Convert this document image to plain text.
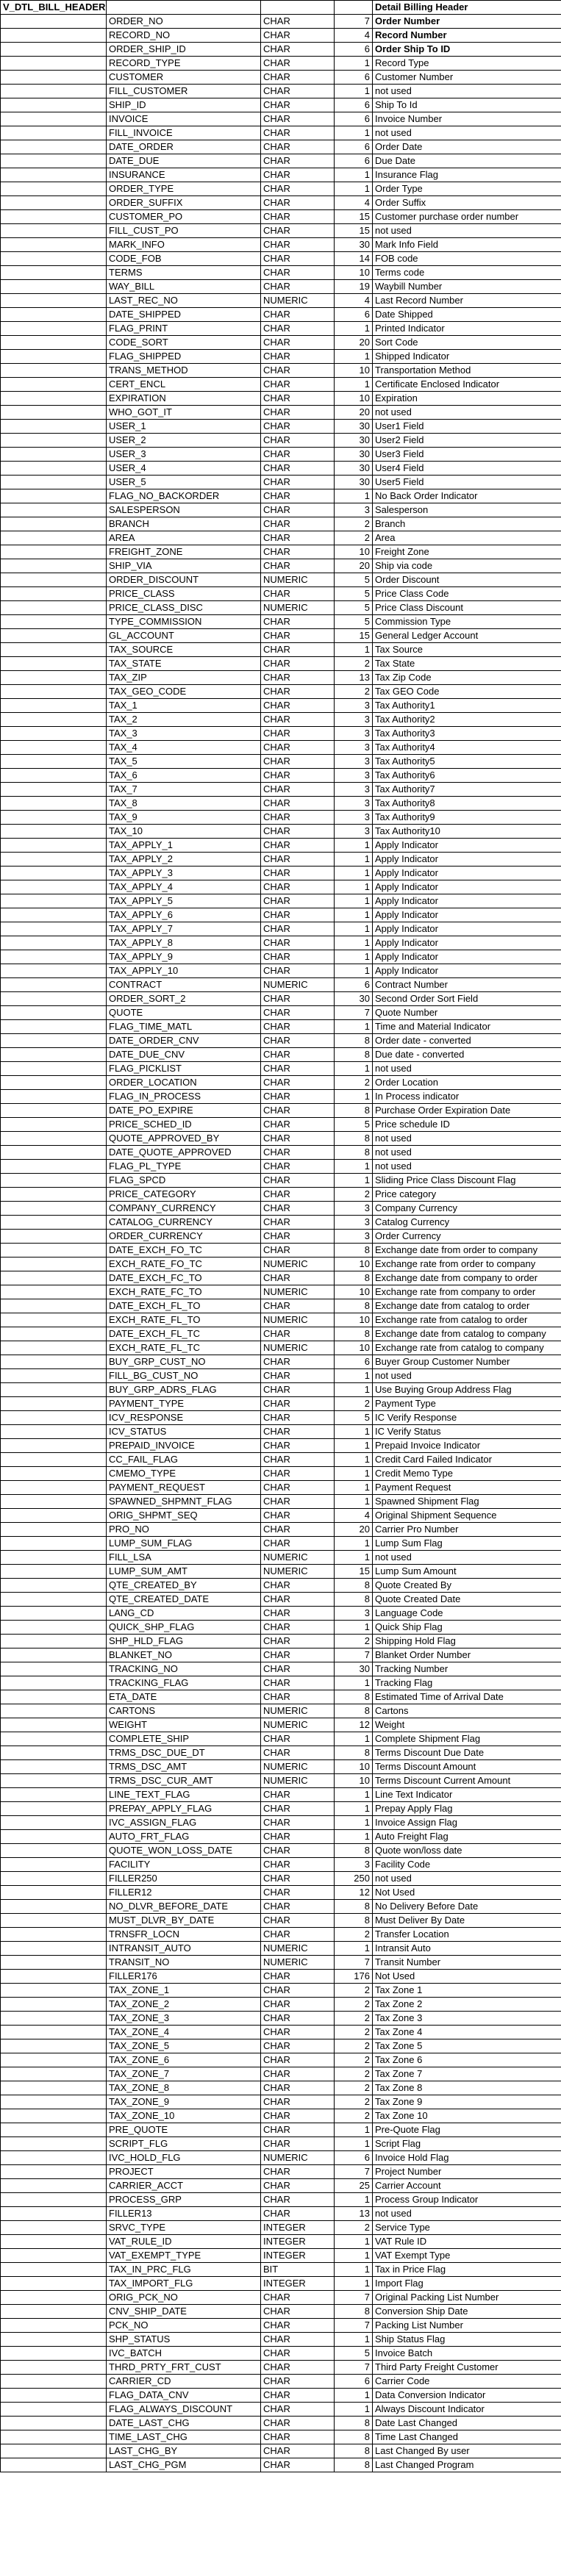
V_DTL_BILL_HEADER				Detail Billing Header
	ORDER_NO	CHAR	7	Order Number
	RECORD_NO	CHAR	4	Record Number
	ORDER_SHIP_ID	CHAR	6	Order Ship To ID
	RECORD_TYPE	CHAR	1	Record Type
	CUSTOMER	CHAR	6	Customer Number
	FILL_CUSTOMER	CHAR	1	not used
	SHIP_ID	CHAR	6	Ship To Id
	INVOICE	CHAR	6	Invoice Number
	FILL_INVOICE	CHAR	1	not used
	DATE_ORDER	CHAR	6	Order Date
	DATE_DUE	CHAR	6	Due Date
	INSURANCE	CHAR	1	Insurance Flag
	ORDER_TYPE	CHAR	1	Order Type
	ORDER_SUFFIX	CHAR	4	Order Suffix
	CUSTOMER_PO	CHAR	15	Customer purchase order number
	FILL_CUST_PO	CHAR	15	not used
	MARK_INFO	CHAR	30	Mark Info Field
	CODE_FOB	CHAR	14	FOB code
	TERMS	CHAR	10	Terms code
	WAY_BILL	CHAR	19	Waybill Number
	LAST_REC_NO	NUMERIC	4	Last Record Number
	DATE_SHIPPED	CHAR	6	Date Shipped
	FLAG_PRINT	CHAR	1	Printed Indicator
	CODE_SORT	CHAR	20	Sort Code
	FLAG_SHIPPED	CHAR	1	Shipped Indicator
	TRANS_METHOD	CHAR	10	Transportation Method
	CERT_ENCL	CHAR	1	Certificate Enclosed Indicator
	EXPIRATION	CHAR	10	Expiration
	WHO_GOT_IT	CHAR	20	not used
	USER_1	CHAR	30	User1 Field
	USER_2	CHAR	30	User2 Field
	USER_3	CHAR	30	User3 Field
	USER_4	CHAR	30	User4 Field
	USER_5	CHAR	30	User5 Field
	FLAG_NO_BACKORDER	CHAR	1	No Back Order Indicator
	SALESPERSON	CHAR	3	Salesperson
	BRANCH	CHAR	2	Branch
	AREA	CHAR	2	Area
	FREIGHT_ZONE	CHAR	10	Freight Zone
	SHIP_VIA	CHAR	20	Ship via code
	ORDER_DISCOUNT	NUMERIC	5	Order Discount
	PRICE_CLASS	CHAR	5	Price Class Code
	PRICE_CLASS_DISC	NUMERIC	5	Price Class Discount
	TYPE_COMMISSION	CHAR	5	Commission Type
	GL_ACCOUNT	CHAR	15	General Ledger Account
	TAX_SOURCE	CHAR	1	Tax Source
	TAX_STATE	CHAR	2	Tax State
	TAX_ZIP	CHAR	13	Tax Zip Code
	TAX_GEO_CODE	CHAR	2	Tax GEO Code
	TAX_1	CHAR	3	Tax Authority1
	TAX_2	CHAR	3	Tax Authority2
	TAX_3	CHAR	3	Tax Authority3
	TAX_4	CHAR	3	Tax Authority4
	TAX_5	CHAR	3	Tax Authority5
	TAX_6	CHAR	3	Tax Authority6
	TAX_7	CHAR	3	Tax Authority7
	TAX_8	CHAR	3	Tax Authority8
	TAX_9	CHAR	3	Tax Authority9
	TAX_10	CHAR	3	Tax Authority10
	TAX_APPLY_1	CHAR	1	Apply Indicator
	TAX_APPLY_2	CHAR	1	Apply Indicator
	TAX_APPLY_3	CHAR	1	Apply Indicator
	TAX_APPLY_4	CHAR	1	Apply Indicator
	TAX_APPLY_5	CHAR	1	Apply Indicator
	TAX_APPLY_6	CHAR	1	Apply Indicator
	TAX_APPLY_7	CHAR	1	Apply Indicator
	TAX_APPLY_8	CHAR	1	Apply Indicator
	TAX_APPLY_9	CHAR	1	Apply Indicator
	TAX_APPLY_10	CHAR	1	Apply Indicator
	CONTRACT	NUMERIC	6	Contract Number
	ORDER_SORT_2	CHAR	30	Second Order Sort Field
	QUOTE	CHAR	7	Quote Number
	FLAG_TIME_MATL	CHAR	1	Time and Material Indicator
	DATE_ORDER_CNV	CHAR	8	Order date - converted
	DATE_DUE_CNV	CHAR	8	Due date - converted
	FLAG_PICKLIST	CHAR	1	not used
	ORDER_LOCATION	CHAR	2	Order Location
	FLAG_IN_PROCESS	CHAR	1	In Process indicator
	DATE_PO_EXPIRE	CHAR	8	Purchase Order Expiration Date
	PRICE_SCHED_ID	CHAR	5	Price schedule ID
	QUOTE_APPROVED_BY	CHAR	8	not used
	DATE_QUOTE_APPROVED	CHAR	8	not used
	FLAG_PL_TYPE	CHAR	1	not used
	FLAG_SPCD	CHAR	1	Sliding Price Class Discount Flag
	PRICE_CATEGORY	CHAR	2	Price category
	COMPANY_CURRENCY	CHAR	3	Company Currency
	CATALOG_CURRENCY	CHAR	3	Catalog Currency
	ORDER_CURRENCY	CHAR	3	Order Currency
	DATE_EXCH_FO_TC	CHAR	8	Exchange date from order to company
	EXCH_RATE_FO_TC	NUMERIC	10	Exchange rate from order to company
	DATE_EXCH_FC_TO	CHAR	8	Exchange date from company to order
	EXCH_RATE_FC_TO	NUMERIC	10	Exchange rate from company to order
	DATE_EXCH_FL_TO	CHAR	8	Exchange date from catalog to order
	EXCH_RATE_FL_TO	NUMERIC	10	Exchange rate from catalog to order
	DATE_EXCH_FL_TC	CHAR	8	Exchange date from catalog to company
	EXCH_RATE_FL_TC	NUMERIC	10	Exchange rate from catalog to company
	BUY_GRP_CUST_NO	CHAR	6	Buyer Group Customer Number
	FILL_BG_CUST_NO	CHAR	1	not used
	BUY_GRP_ADRS_FLAG	CHAR	1	Use Buying Group Address Flag
	PAYMENT_TYPE	CHAR	2	Payment Type
	ICV_RESPONSE	CHAR	5	IC Verify Response
	ICV_STATUS	CHAR	1	IC Verify Status
	PREPAID_INVOICE	CHAR	1	Prepaid Invoice Indicator
	CC_FAIL_FLAG	CHAR	1	Credit Card Failed Indicator
	CMEMO_TYPE	CHAR	1	Credit Memo Type
	PAYMENT_REQUEST	CHAR	1	Payment Request
	SPAWNED_SHPMNT_FLAG	CHAR	1	Spawned Shipment Flag
	ORIG_SHPMT_SEQ	CHAR	4	Original Shipment Sequence
	PRO_NO	CHAR	20	Carrier Pro Number
	LUMP_SUM_FLAG	CHAR	1	Lump Sum Flag
	FILL_LSA	NUMERIC	1	not used
	LUMP_SUM_AMT	NUMERIC	15	Lump Sum Amount
	QTE_CREATED_BY	CHAR	8	Quote Created By
	QTE_CREATED_DATE	CHAR	8	Quote Created Date
	LANG_CD	CHAR	3	Language Code
	QUICK_SHP_FLAG	CHAR	1	Quick Ship Flag
	SHP_HLD_FLAG	CHAR	2	Shipping Hold Flag
	BLANKET_NO	CHAR	7	Blanket Order Number
	TRACKING_NO	CHAR	30	Tracking Number
	TRACKING_FLAG	CHAR	1	Tracking Flag
	ETA_DATE	CHAR	8	Estimated Time of Arrival Date
	CARTONS	NUMERIC	8	Cartons
	WEIGHT	NUMERIC	12	Weight
	COMPLETE_SHIP	CHAR	1	Complete Shipment Flag
	TRMS_DSC_DUE_DT	CHAR	8	Terms Discount Due Date
	TRMS_DSC_AMT	NUMERIC	10	Terms Discount Amount
	TRMS_DSC_CUR_AMT	NUMERIC	10	Terms Discount Current Amount
	LINE_TEXT_FLAG	CHAR	1	Line Text Indicator
	PREPAY_APPLY_FLAG	CHAR	1	Prepay Apply Flag
	IVC_ASSIGN_FLAG	CHAR	1	Invoice Assign Flag
	AUTO_FRT_FLAG	CHAR	1	Auto Freight Flag
	QUOTE_WON_LOSS_DATE	CHAR	8	Quote won/loss date
	FACILITY	CHAR	3	Facility Code
	FILLER250	CHAR	250	not used
	FILLER12	CHAR	12	Not Used
	NO_DLVR_BEFORE_DATE	CHAR	8	No Delivery Before Date
	MUST_DLVR_BY_DATE	CHAR	8	Must Deliver By Date
	TRNSFR_LOCN	CHAR	2	Transfer Location
	INTRANSIT_AUTO	NUMERIC	1	Intransit Auto
	TRANSIT_NO	NUMERIC	7	Transit Number
	FILLER176	CHAR	176	Not Used
	TAX_ZONE_1	CHAR	2	Tax Zone 1
	TAX_ZONE_2	CHAR	2	Tax Zone 2
	TAX_ZONE_3	CHAR	2	Tax Zone 3
	TAX_ZONE_4	CHAR	2	Tax Zone 4
	TAX_ZONE_5	CHAR	2	Tax Zone 5
	TAX_ZONE_6	CHAR	2	Tax Zone 6
	TAX_ZONE_7	CHAR	2	Tax Zone 7
	TAX_ZONE_8	CHAR	2	Tax Zone 8
	TAX_ZONE_9	CHAR	2	Tax Zone 9
	TAX_ZONE_10	CHAR	2	Tax Zone 10
	PRE_QUOTE	CHAR	1	Pre-Quote Flag
	SCRIPT_FLG	CHAR	1	Script Flag
	IVC_HOLD_FLG	NUMERIC	6	Invoice Hold Flag
	PROJECT	CHAR	7	Project Number
	CARRIER_ACCT	CHAR	25	Carrier Account
	PROCESS_GRP	CHAR	1	Process Group Indicator
	FILLER13	CHAR	13	not used
	SRVC_TYPE	INTEGER	2	Service Type
	VAT_RULE_ID	INTEGER	1	VAT Rule ID
	VAT_EXEMPT_TYPE	INTEGER	1	VAT Exempt Type
	TAX_IN_PRC_FLG	BIT	1	Tax in Price Flag
	TAX_IMPORT_FLG	INTEGER	1	Import Flag
	ORIG_PCK_NO	CHAR	7	Original Packing List Number
	CNV_SHIP_DATE	CHAR	8	Conversion Ship Date
	PCK_NO	CHAR	7	Packing List Number
	SHP_STATUS	CHAR	1	Ship Status Flag
	IVC_BATCH	CHAR	5	Invoice Batch
	THRD_PRTY_FRT_CUST	CHAR	7	Third Party Freight Customer
	CARRIER_CD	CHAR	6	Carrier Code
	FLAG_DATA_CNV	CHAR	1	Data Conversion Indicator
	FLAG_ALWAYS_DISCOUNT	CHAR	1	Always Discount Indicator
	DATE_LAST_CHG	CHAR	8	Date Last Changed
	TIME_LAST_CHG	CHAR	8	Time Last Changed
	LAST_CHG_BY	CHAR	8	Last Changed By user
	LAST_CHG_PGM	CHAR	8	Last Changed Program
